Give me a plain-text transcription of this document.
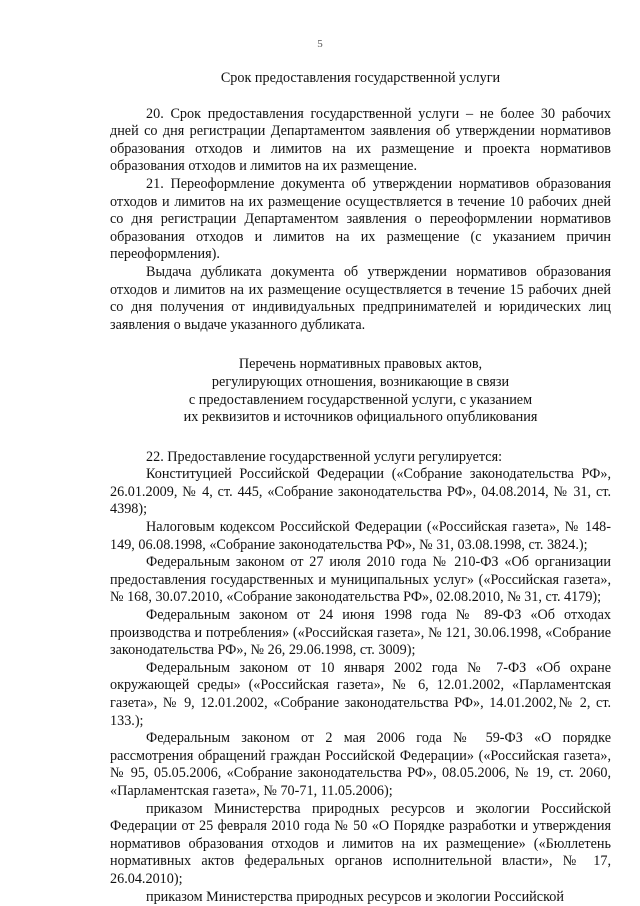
5

Срок предоставления государственной услуги

20. Срок предоставления государственной услуги – не более 30 рабочих дней со дня регистрации Департаментом заявления об утверждении нормативов образования отходов и лимитов на их размещение и проекта нормативов образования отходов и лимитов на их размещение.

21. Переоформление документа об утверждении нормативов образования отходов и лимитов на их размещение осуществляется в течение 10 рабочих дней со дня регистрации Департаментом заявления о переоформлении нормативов образования отходов и лимитов на их размещение (с указанием причин переоформления).

Выдача дубликата документа об утверждении нормативов образования отходов и лимитов на их размещение осуществляется в течение 15 рабочих дней со дня получения от индивидуальных предпринимателей и юридических лиц заявления о выдаче указанного дубликата.

Перечень нормативных правовых актов,
регулирующих отношения, возникающие в связи
с предоставлением государственной услуги, с указанием
их реквизитов и источников официального опубликования

22. Предоставление государственной услуги регулируется:

Конституцией Российской Федерации («Собрание законодательства РФ», 26.01.2009, № 4, ст. 445, «Собрание законодательства РФ», 04.08.2014, № 31, ст. 4398);

Налоговым кодексом Российской Федерации («Российская газета», № 148-149, 06.08.1998, «Собрание законодательства РФ», № 31, 03.08.1998, ст. 3824.);

Федеральным законом от 27 июля 2010 года № 210-ФЗ «Об организации предоставления государственных и муниципальных услуг» («Российская газета», № 168, 30.07.2010, «Собрание законодательства РФ», 02.08.2010, № 31, ст. 4179);

Федеральным законом от 24 июня 1998 года № 89-ФЗ «Об отходах производства и потребления» («Российская газета», № 121, 30.06.1998, «Собрание законодательства РФ», № 26, 29.06.1998, ст. 3009);

Федеральным законом от 10 января 2002 года № 7-ФЗ «Об охране окружающей среды» («Российская газета», № 6, 12.01.2002, «Парламентская газета», № 9, 12.01.2002, «Собрание законодательства РФ», 14.01.2002,№ 2, ст. 133.);

Федеральным законом от 2 мая 2006 года № 59-ФЗ «О порядке рассмотрения обращений граждан Российской Федерации» («Российская газета», № 95, 05.05.2006, «Собрание законодательства РФ», 08.05.2006, № 19, ст. 2060, «Парламентская газета», № 70-71, 11.05.2006);

приказом Министерства природных ресурсов и экологии Российской Федерации от 25 февраля 2010 года № 50 «О Порядке разработки и утверждения нормативов образования отходов и лимитов на их размещение» («Бюллетень нормативных актов федеральных органов исполнительной власти», № 17, 26.04.2010);

приказом Министерства природных ресурсов и экологии Российской
